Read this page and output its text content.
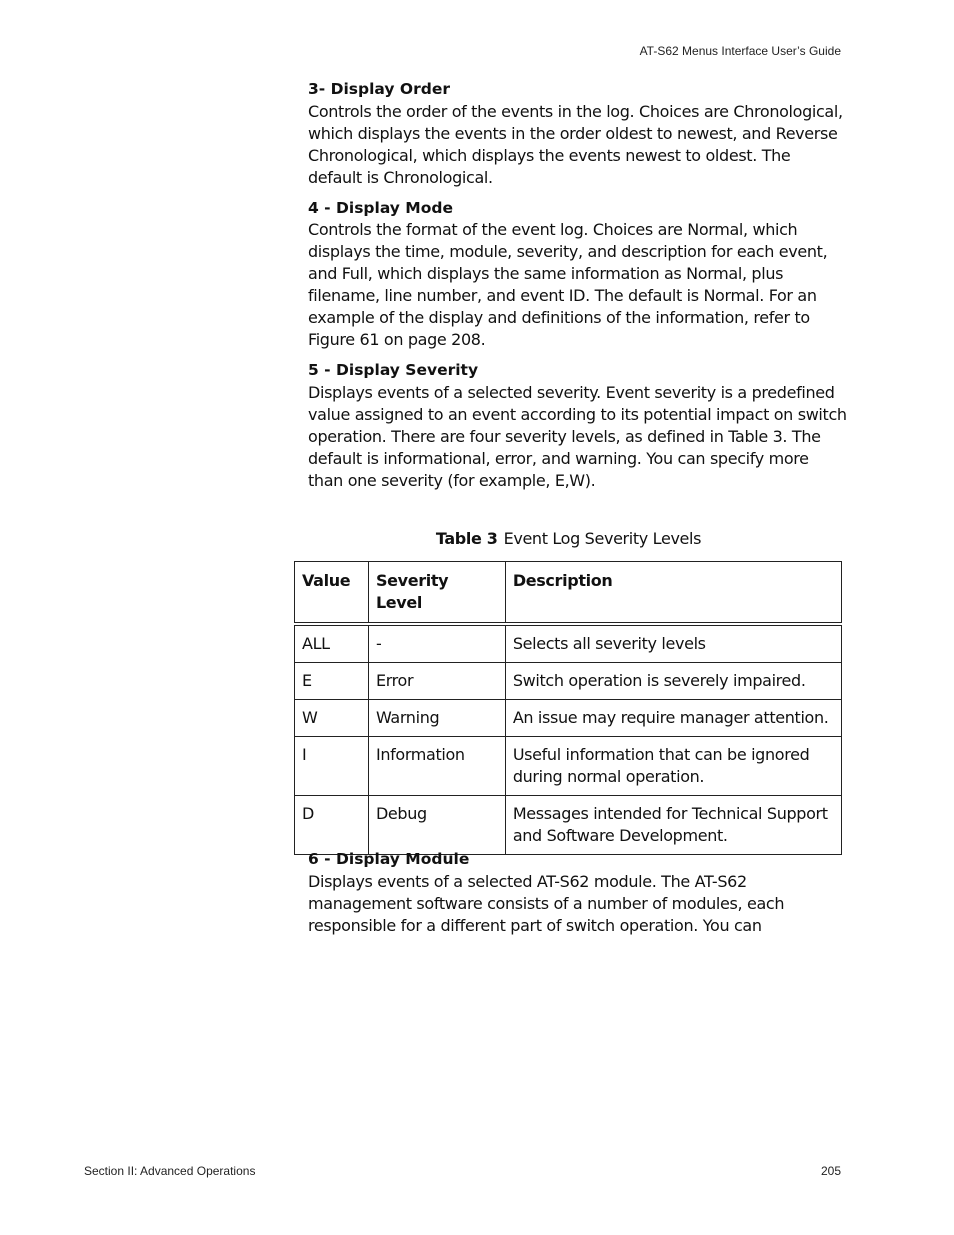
AT-S62 Menus Interface User’s Guide
3- Display Order
Controls the order of the events in the log. Choices are Chronological, which displays the events in the order oldest to newest, and Reverse Chronological, which displays the events newest to oldest. The default is Chronological.
4 - Display Mode
Controls the format of the event log. Choices are Normal, which displays the time, module, severity, and description for each event, and Full, which displays the same information as Normal, plus filename, line number, and event ID. The default is Normal. For an example of the display and definitions of the information, refer to Figure 61 on page 208.
5 - Display Severity
Displays events of a selected severity. Event severity is a predefined value assigned to an event according to its potential impact on switch operation. There are four severity levels, as defined in Table 3. The default is informational, error, and warning. You can specify more than one severity (for example, E,W).
Table 3 Event Log Severity Levels
Value	Severity Level	Description
ALL	-	Selects all severity levels
E	Error	Switch operation is severely impaired.
W	Warning	An issue may require manager attention.
I	Information	Useful information that can be ignored during normal operation.
D	Debug	Messages intended for Technical Support and Software Development.
6 - Display Module
Displays events of a selected AT-S62 module. The AT-S62 management software consists of a number of modules, each responsible for a different part of switch operation. You can
Section II: Advanced Operations	205
